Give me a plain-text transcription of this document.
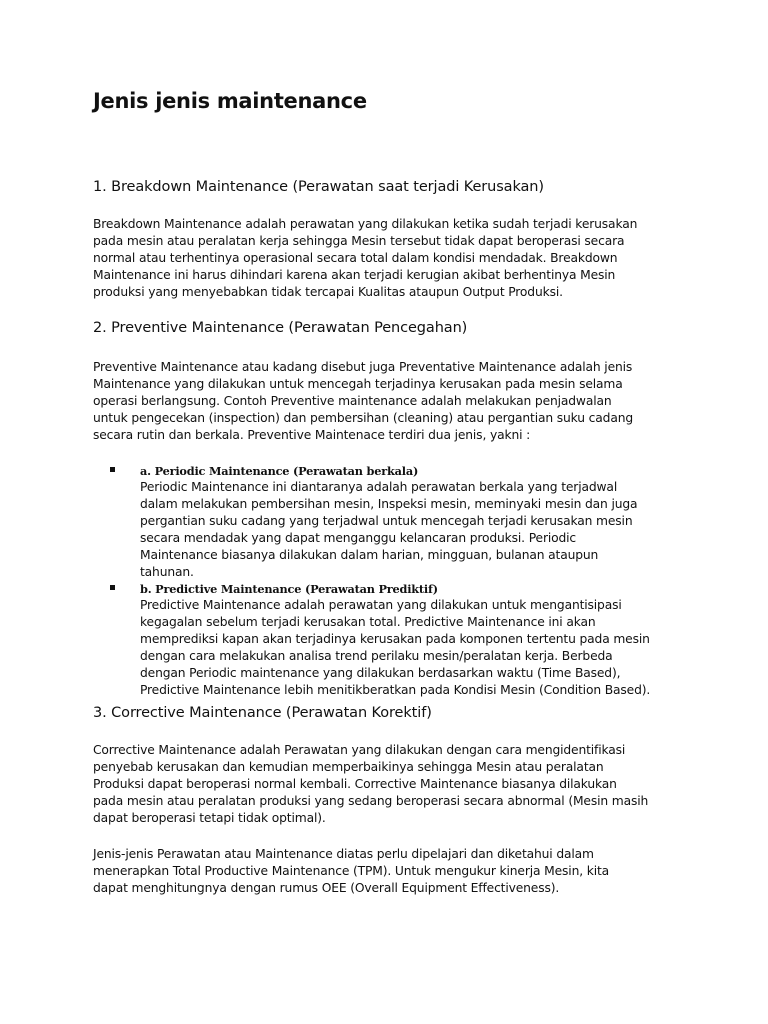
Jenis jenis maintenance
1. Breakdown Maintenance (Perawatan saat terjadi Kerusakan)
Breakdown Maintenance adalah perawatan yang dilakukan ketika sudah terjadi kerusakan
pada mesin atau peralatan kerja sehingga Mesin tersebut tidak dapat beroperasi secara
normal atau terhentinya operasional secara total dalam kondisi mendadak. Breakdown
Maintenance ini harus dihindari karena akan terjadi kerugian akibat berhentinya Mesin
produksi yang menyebabkan tidak tercapai Kualitas ataupun Output Produksi.
2. Preventive Maintenance (Perawatan Pencegahan)
Preventive Maintenance atau kadang disebut juga Preventative Maintenance adalah jenis
Maintenance yang dilakukan untuk mencegah terjadinya kerusakan pada mesin selama
operasi berlangsung. Contoh Preventive maintenance adalah melakukan penjadwalan
untuk pengecekan (inspection) dan pembersihan (cleaning) atau pergantian suku cadang
secara rutin dan berkala. Preventive Maintenace terdiri dua jenis, yakni :
a. Periodic Maintenance (Perawatan berkala)
Periodic Maintenance ini diantaranya adalah perawatan berkala yang terjadwal
dalam melakukan pembersihan mesin, Inspeksi mesin, meminyaki mesin dan juga
pergantian suku cadang yang terjadwal untuk mencegah terjadi kerusakan mesin
secara mendadak yang dapat menganggu kelancaran produksi. Periodic
Maintenance biasanya dilakukan dalam harian, mingguan, bulanan ataupun
tahunan.
b. Predictive Maintenance (Perawatan Prediktif)
Predictive Maintenance adalah perawatan yang dilakukan untuk mengantisipasi
kegagalan sebelum terjadi kerusakan total. Predictive Maintenance ini akan
memprediksi kapan akan terjadinya kerusakan pada komponen tertentu pada mesin
dengan cara melakukan analisa trend perilaku mesin/peralatan kerja. Berbeda
dengan Periodic maintenance yang dilakukan berdasarkan waktu (Time Based),
Predictive Maintenance lebih menitikberatkan pada Kondisi Mesin (Condition Based).
3. Corrective Maintenance (Perawatan Korektif)
Corrective Maintenance adalah Perawatan yang dilakukan dengan cara mengidentifikasi
penyebab kerusakan dan kemudian memperbaikinya sehingga Mesin atau peralatan
Produksi dapat beroperasi normal kembali. Corrective Maintenance biasanya dilakukan
pada mesin atau peralatan produksi yang sedang beroperasi secara abnormal (Mesin masih
dapat beroperasi tetapi tidak optimal).
Jenis-jenis Perawatan atau Maintenance diatas perlu dipelajari dan diketahui dalam
menerapkan Total Productive Maintenance (TPM). Untuk mengukur kinerja Mesin, kita
dapat menghitungnya dengan rumus OEE (Overall Equipment Effectiveness).
